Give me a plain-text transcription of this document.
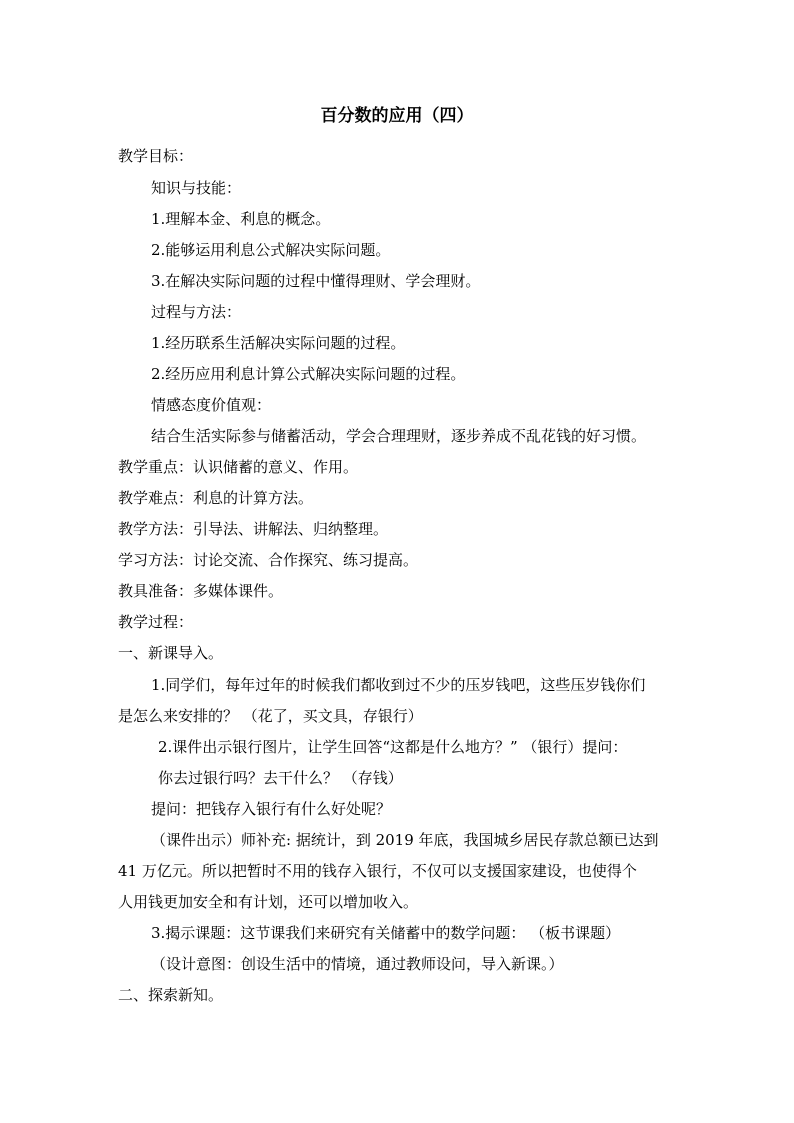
百分数的应用（四）
教学目标：
知识与技能：
1.理解本金、利息的概念。
2.能够运用利息公式解决实际问题。
3.在解决实际问题的过程中懂得理财、学会理财。
过程与方法：
1.经历联系生活解决实际问题的过程。
2.经历应用利息计算公式解决实际问题的过程。
情感态度价值观：
结合生活实际参与储蓄活动，学会合理理财，逐步养成不乱花钱的好习惯。
教学重点：认识储蓄的意义、作用。
教学难点：利息的计算方法。
教学方法：引导法、讲解法、归纳整理。
学习方法：讨论交流、合作探究、练习提高。
教具准备：多媒体课件。
教学过程：
一、新课导入。
1.同学们，每年过年的时候我们都收到过不少的压岁钱吧，这些压岁钱你们
是怎么来安排的？ （花了，买文具，存银行）
2.课件出示银行图片，让学生回答“这都是什么地方？” （银行）提问：
你去过银行吗？去干什么？ （存钱）
提问：把钱存入银行有什么好处呢？
（课件出示）师补充: 据统计，到 2019 年底，我国城乡居民存款总额已达到
41 万亿元。所以把暂时不用的钱存入银行，不仅可以支援国家建设，也使得个
人用钱更加安全和有计划，还可以增加收入。
3.揭示课题：这节课我们来研究有关储蓄中的数学问题： （板书课题）
（设计意图：创设生活中的情境，通过教师设问，导入新课。）
二、探索新知。
